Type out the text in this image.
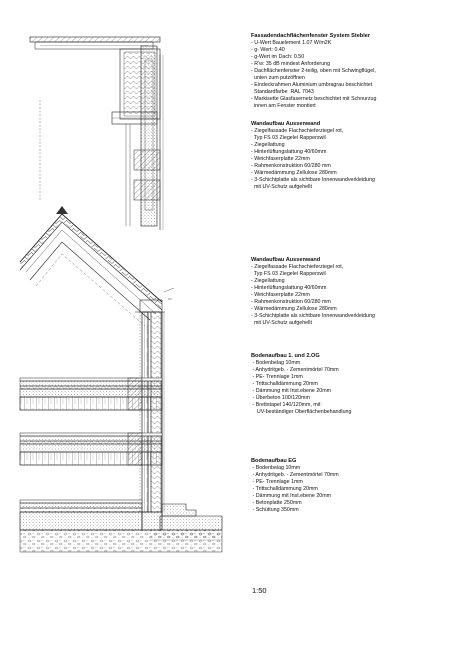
▭
Fassadendachflächenfenster System Stebler
- U-Wert Bauelement 1.07 W/m2K
- g- Wert: 0.40
- g-Wert im Dach: 0.50
- R'w: 35 dB mindest Anforderung
- Dachflächenfenster 2-teilig, oben mit Schwingflügel,
unten zum putzöffnen
- Eindeckrahmen Aluminium umbragrau beschichtet
Standardfarbe  RAL 7043
- Markisette Glasfasernetz beschichtet mit Schnurzug
innen am Fenster montiert
Wandaufbau Aussenwand
- Ziegelfassade Flachschieferziegel rot,
Typ FS 03 Ziegelei Rapperswil
- Ziegellattung
- Hinterlüftungslattung 40/60mm
- Weichfaserplatte 22mm
- Rahmenkonstruktion 60/280 mm
- Wärmedämmung Zellulose 280mm
- 3-Schichtplatte als sichtbare Innenwandverkleidung
mit UV-Schutz aufgehellt
Wandaufbau Aussenwand
- Ziegelfassade Flachschieferziegel rot,
Typ FS 03 Ziegelei Rapperswil
- Ziegellattung
- Hinterlüftungslattung 40/60mm
- Weichfaserplatte 22mm
- Rahmenkonstruktion 60/280 mm
- Wärmedämmung Zellulose 280mm
- 3-Schichtplatte als sichtbare Innenwandverkleidung
mit UV-Schutz aufgehellt
Bodenaufbau 1. und 2.OG
- Bodenbelag 10mm
- Anhydritgeb. - Zementmörtel 70mm
- PE- Trennlage 1mm
- Trittschalldämmung 20mm
- Dämmung mit Inst.ebene 20mm
- Überbeton 100/120mm
- Brettstapel 140/120mm, mit
UV-beständiger Oberflächenbehandlung
Bodenaufbau EG
- Bodenbelag 10mm
- Anhydritgeb. - Zementmörtel 70mm
- PE- Trennlage 1mm
- Trittschalldämmung 20mm
- Dämmung mit Inst.ebene 20mm
- Betonplatte 250mm
- Schüttung 350mm
1:50
